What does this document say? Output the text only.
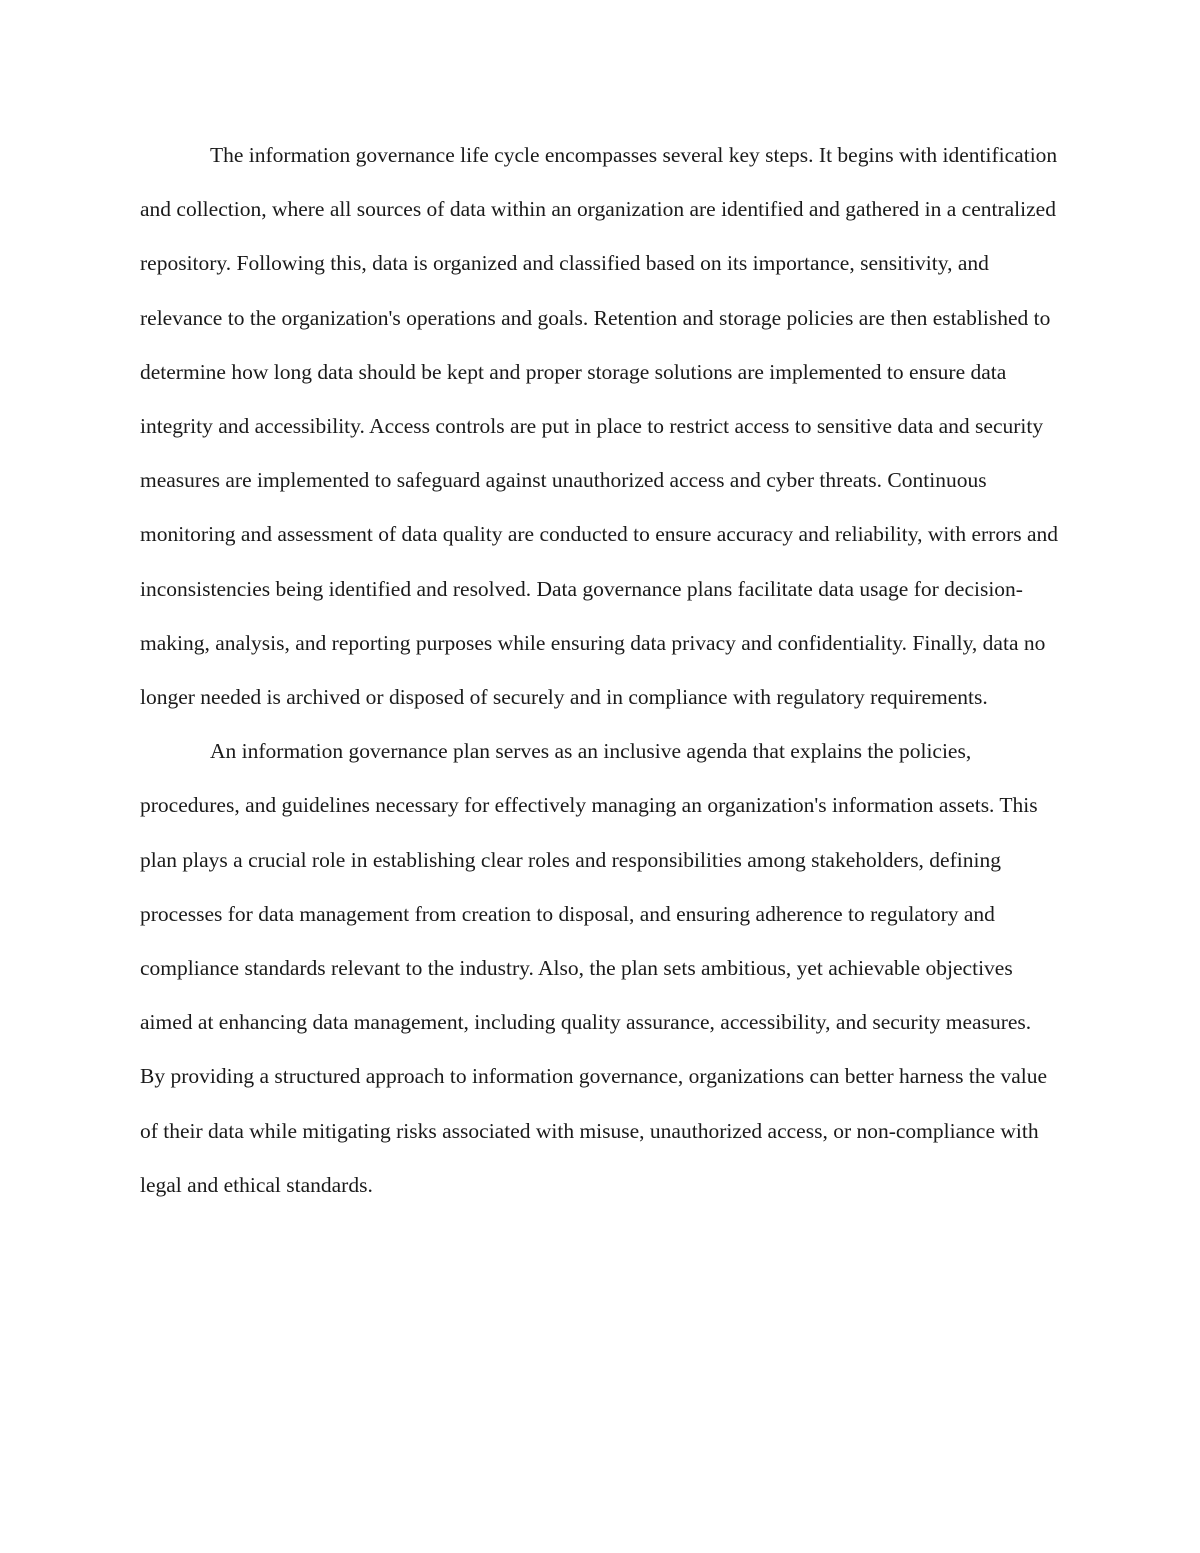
The information governance life cycle encompasses several key steps. It begins with identification and collection, where all sources of data within an organization are identified and gathered in a centralized repository. Following this, data is organized and classified based on its importance, sensitivity, and relevance to the organization's operations and goals. Retention and storage policies are then established to determine how long data should be kept and proper storage solutions are implemented to ensure data integrity and accessibility. Access controls are put in place to restrict access to sensitive data and security measures are implemented to safeguard against unauthorized access and cyber threats. Continuous monitoring and assessment of data quality are conducted to ensure accuracy and reliability, with errors and inconsistencies being identified and resolved. Data governance plans facilitate data usage for decision-making, analysis, and reporting purposes while ensuring data privacy and confidentiality. Finally, data no longer needed is archived or disposed of securely and in compliance with regulatory requirements.

An information governance plan serves as an inclusive agenda that explains the policies, procedures, and guidelines necessary for effectively managing an organization's information assets. This plan plays a crucial role in establishing clear roles and responsibilities among stakeholders, defining processes for data management from creation to disposal, and ensuring adherence to regulatory and compliance standards relevant to the industry. Also, the plan sets ambitious, yet achievable objectives aimed at enhancing data management, including quality assurance, accessibility, and security measures. By providing a structured approach to information governance, organizations can better harness the value of their data while mitigating risks associated with misuse, unauthorized access, or non-compliance with legal and ethical standards.
